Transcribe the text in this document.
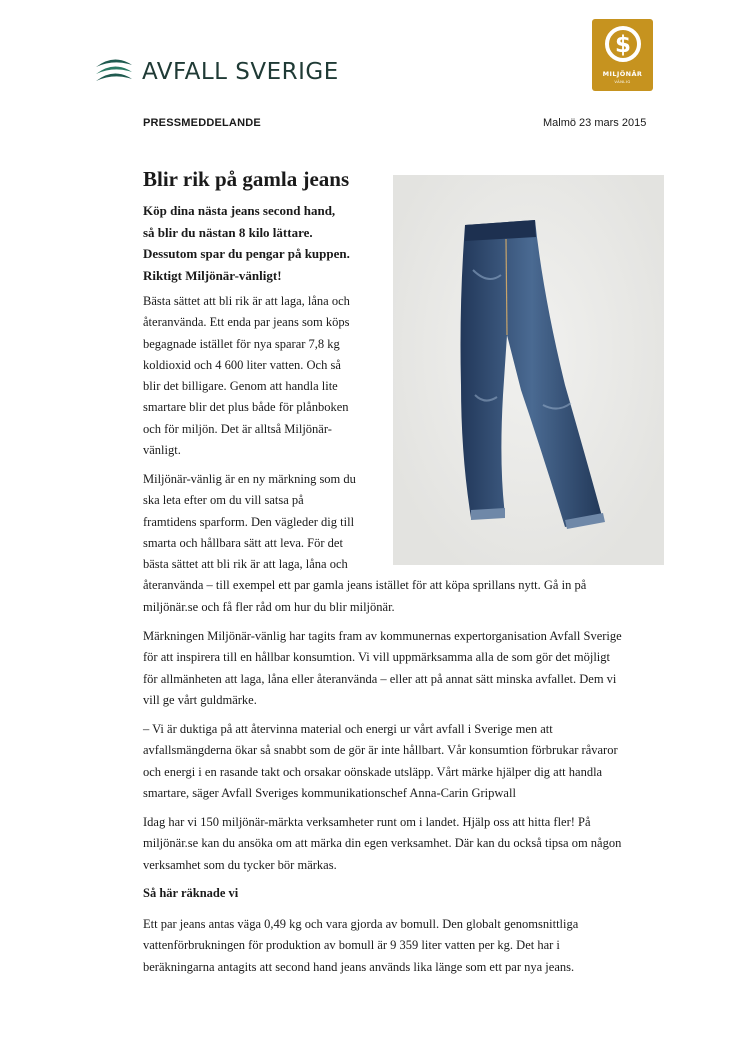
AVFALL SVERIGE
$
MILJÖNÄR
VÄNLIG
PRESSMEDDELANDE	Malmö 23 mars 2015
Blir rik på gamla jeans
Köp dina nästa jeans second hand,
så blir du nästan 8 kilo lättare.
Dessutom spar du pengar på kuppen.
Riktigt Miljönär-vänligt!
Bästa sättet att bli rik är att laga, låna och
återanvända. Ett enda par jeans som köps
begagnade istället för nya sparar 7,8 kg
koldioxid och 4 600 liter vatten. Och så
blir det billigare. Genom att handla lite
smartare blir det plus både för plånboken
och för miljön. Det är alltså Miljönär-
vänligt.
Miljönär-vänlig är en ny märkning som du
ska leta efter om du vill satsa på
framtidens sparform. Den vägleder dig till
smarta och hållbara sätt att leva. För det
bästa sättet att bli rik är att laga, låna och
återanvända – till exempel ett par gamla jeans istället för att köpa sprillans nytt. Gå in på
miljönär.se och få fler råd om hur du blir miljönär.
Märkningen Miljönär-vänlig har tagits fram av kommunernas expertorganisation Avfall Sverige
för att inspirera till en hållbar konsumtion. Vi vill uppmärksamma alla de som gör det möjligt
för allmänheten att laga, låna eller återanvända – eller att på annat sätt minska avfallet. Dem vi
vill ge vårt guldmärke.
– Vi är duktiga på att återvinna material och energi ur vårt avfall i Sverige men att
avfallsmängderna ökar så snabbt som de gör är inte hållbart. Vår konsumtion förbrukar råvaror
och energi i en rasande takt och orsakar oönskade utsläpp. Vårt märke hjälper dig att handla
smartare, säger Avfall Sveriges kommunikationschef Anna-Carin Gripwall
Idag har vi 150 miljönär-märkta verksamheter runt om i landet. Hjälp oss att hitta fler! På
miljönär.se kan du ansöka om att märka din egen verksamhet. Där kan du också tipsa om någon
verksamhet som du tycker bör märkas.
Så här räknade vi
Ett par jeans antas väga 0,49 kg och vara gjorda av bomull. Den globalt genomsnittliga
vattenförbrukningen för produktion av bomull är 9 359 liter vatten per kg. Det har i
beräkningarna antagits att second hand jeans används lika länge som ett par nya jeans.
